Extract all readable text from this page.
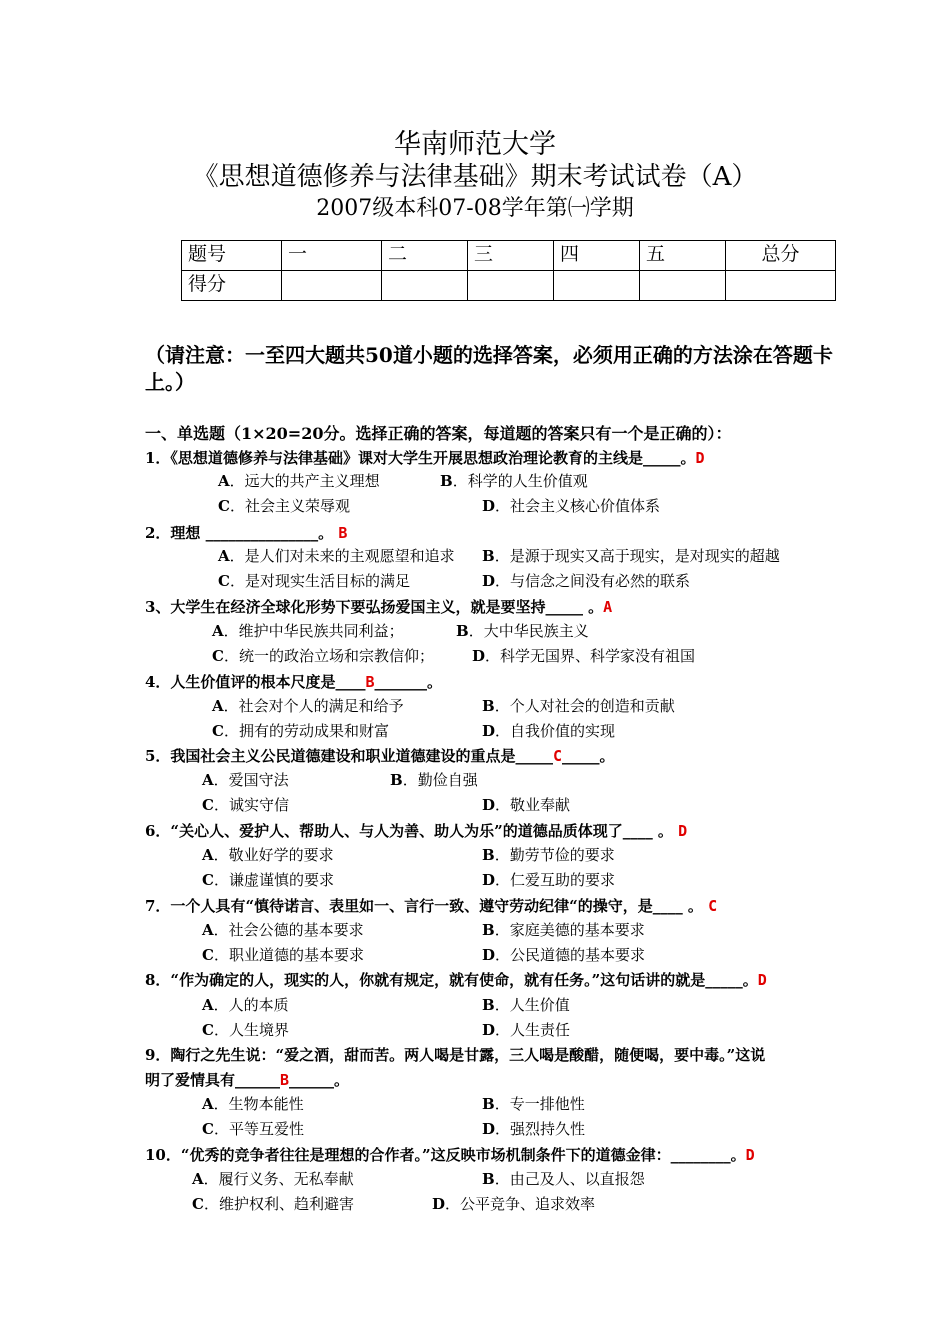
华南师范大学
《思想道德修养与法律基础》期末考试试卷（A）
2007级本科07-08学年第㈠学期
题号	一	二	三	四	五	总分
得分						
（请注意：一至四大题共50道小题的选择答案，必须用正确的方法涂在答题卡上。）
一、单选题（1×20=20分。选择正确的答案，每道题的答案只有一个是正确的）：
1．《思想道德修养与法律基础》课对大学生开展思想政治理论教育的主线是_____。D
A．远大的共产主义理想	B．科学的人生价值观
C．社会主义荣辱观	D．社会主义核心价值体系
2．理想 _______________。 B
A．是人们对未来的主观愿望和追求 B．是源于现实又高于现实，是对现实的超越
C．是对现实生活目标的满足	D．与信念之间没有必然的联系
3、大学生在经济全球化形势下要弘扬爱国主义，就是要坚持_____ 。A
A．维护中华民族共同利益；	B．大中华民族主义
C．统一的政治立场和宗教信仰；	D．科学无国界、科学家没有祖国
4．人生价值评的根本尺度是____B_______。
A．社会对个人的满足和给予	B．个人对社会的创造和贡献
C．拥有的劳动成果和财富	D．自我价值的实现
5．我国社会主义公民道德建设和职业道德建设的重点是_____C_____。
A．爱国守法	B．勤俭自强
C．诚实守信	D．敬业奉献
6．“关心人、爱护人、帮助人、与人为善、助人为乐”的道德品质体现了____ 。 D
A．敬业好学的要求	B．勤劳节俭的要求
C．谦虚谨慎的要求	D．仁爱互助的要求
7．一个人具有“慎待诺言、表里如一、言行一致、遵守劳动纪律“的操守，是____ 。 C
A．社会公德的基本要求	B．家庭美德的基本要求
C．职业道德的基本要求	D．公民道德的基本要求
8．“作为确定的人，现实的人，你就有规定，就有使命，就有任务。”这句话讲的就是_____。D
A．人的本质	B．人生价值
C．人生境界	D．人生责任
9．陶行之先生说：“爱之酒，甜而苦。两人喝是甘露，三人喝是酸醋，随便喝，要中毒。”这说
明了爱情具有______B______。
A．生物本能性	B．专一排他性
C．平等互爱性	D．强烈持久性
10．“优秀的竞争者往往是理想的合作者。”这反映市场机制条件下的道德金律：________。D
A．履行义务、无私奉献	B．由己及人、以直报怨
C．维护权利、趋利避害	D．公平竞争、追求效率
